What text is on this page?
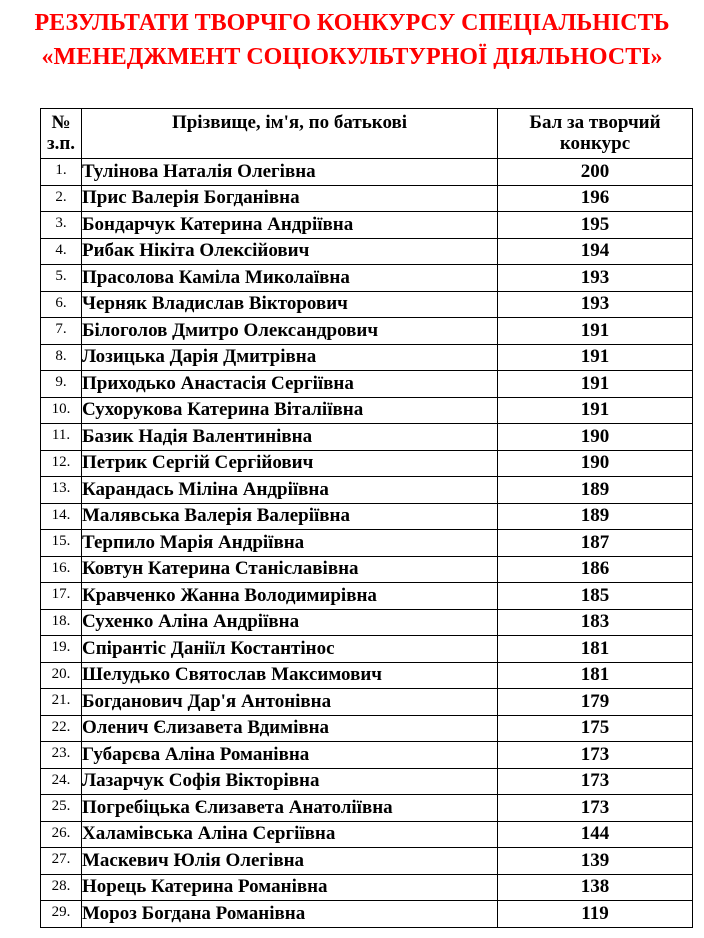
РЕЗУЛЬТАТИ ТВОРЧГО КОНКУРСУ СПЕЦІАЛЬНІСТЬ
«МЕНЕДЖМЕНТ СОЦІОКУЛЬТУРНОЇ ДІЯЛЬНОСТІ»
№ з.п.	Прізвище, ім'я, по батькові	Бал за творчий конкурс
1.	Тулінова Наталія Олегівна	200
2.	Прис Валерія Богданівна	196
3.	Бондарчук Катерина Андріївна	195
4.	Рибак Нікіта Олексійович	194
5.	Прасолова Каміла Миколаївна	193
6.	Черняк Владислав Вікторович	193
7.	Білоголов Дмитро Олександрович	191
8.	Лозицька Дарія Дмитрівна	191
9.	Приходько Анастасія Сергіївна	191
10.	Сухорукова Катерина Віталіївна	191
11.	Базик Надія Валентинівна	190
12.	Петрик Сергій Сергійович	190
13.	Карандась Міліна Андріївна	189
14.	Малявська Валерія Валеріївна	189
15.	Терпило Марія Андріївна	187
16.	Ковтун Катерина Станіславівна	186
17.	Кравченко Жанна Володимирівна	185
18.	Сухенко Аліна Андріївна	183
19.	Спірантіс Даніїл Костантінос	181
20.	Шелудько Святослав Максимович	181
21.	Богданович Дар'я Антонівна	179
22.	Оленич Єлизавета Вдимівна	175
23.	Губарєва Аліна Романівна	173
24.	Лазарчук Софія Вікторівна	173
25.	Погребіцька Єлизавета Анатоліївна	173
26.	Халамівська Аліна Сергіївна	144
27.	Маскевич Юлія Олегівна	139
28.	Норець Катерина Романівна	138
29.	Мороз Богдана Романівна	119
